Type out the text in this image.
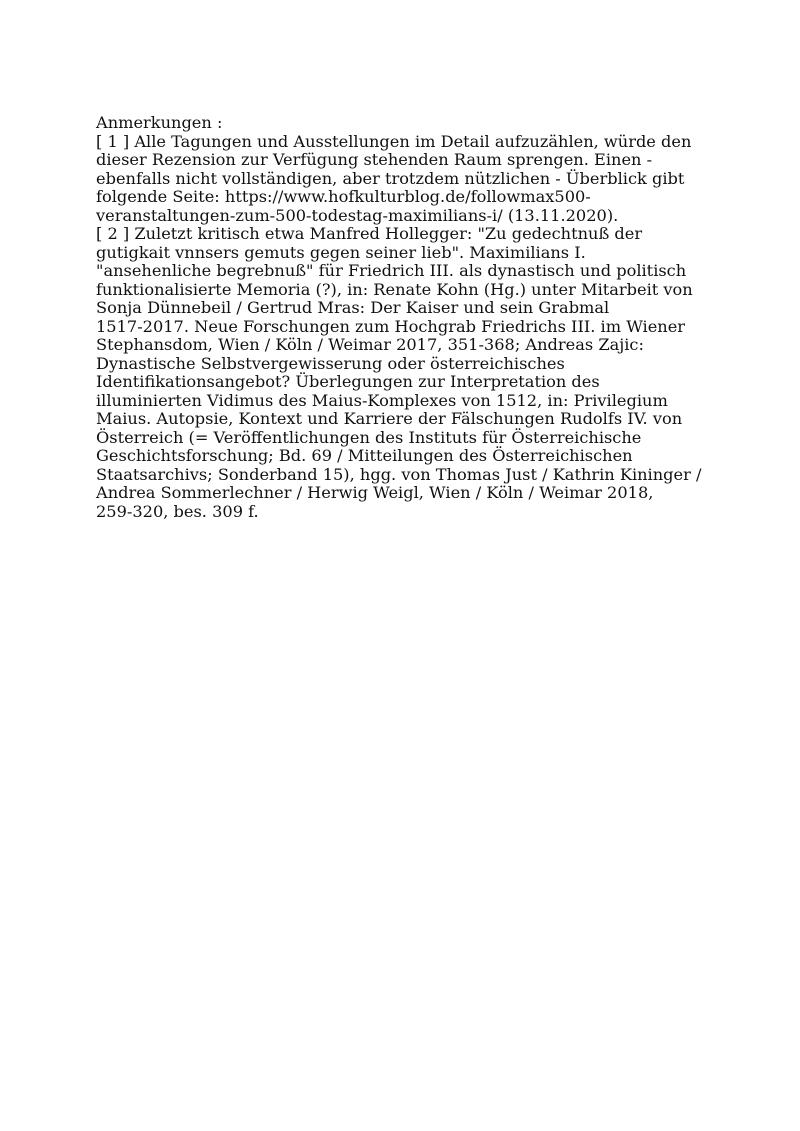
Anmerkungen :
[ 1 ] Alle Tagungen und Ausstellungen im Detail aufzuzählen, würde den
dieser Rezension zur Verfügung stehenden Raum sprengen. Einen -
ebenfalls nicht vollständigen, aber trotzdem nützlichen - Überblick gibt
folgende Seite: https://www.hofkulturblog.de/followmax500-
veranstaltungen-zum-500-todestag-maximilians-i/ (13.11.2020).
[ 2 ] Zuletzt kritisch etwa Manfred Hollegger: "Zu gedechtnuß der
gutigkait vnnsers gemuts gegen seiner lieb". Maximilians I.
"ansehenliche begrebnuß" für Friedrich III. als dynastisch und politisch
funktionalisierte Memoria (?), in: Renate Kohn (Hg.) unter Mitarbeit von
Sonja Dünnebeil / Gertrud Mras: Der Kaiser und sein Grabmal
1517-2017. Neue Forschungen zum Hochgrab Friedrichs III. im Wiener
Stephansdom, Wien / Köln / Weimar 2017, 351-368; Andreas Zajic:
Dynastische Selbstvergewisserung oder österreichisches
Identifikationsangebot? Überlegungen zur Interpretation des
illuminierten Vidimus des Maius-Komplexes von 1512, in: Privilegium
Maius. Autopsie, Kontext und Karriere der Fälschungen Rudolfs IV. von
Österreich (= Veröffentlichungen des Instituts für Österreichische
Geschichtsforschung; Bd. 69 / Mitteilungen des Österreichischen
Staatsarchivs; Sonderband 15), hgg. von Thomas Just / Kathrin Kininger /
Andrea Sommerlechner / Herwig Weigl, Wien / Köln / Weimar 2018,
259-320, bes. 309 f.
